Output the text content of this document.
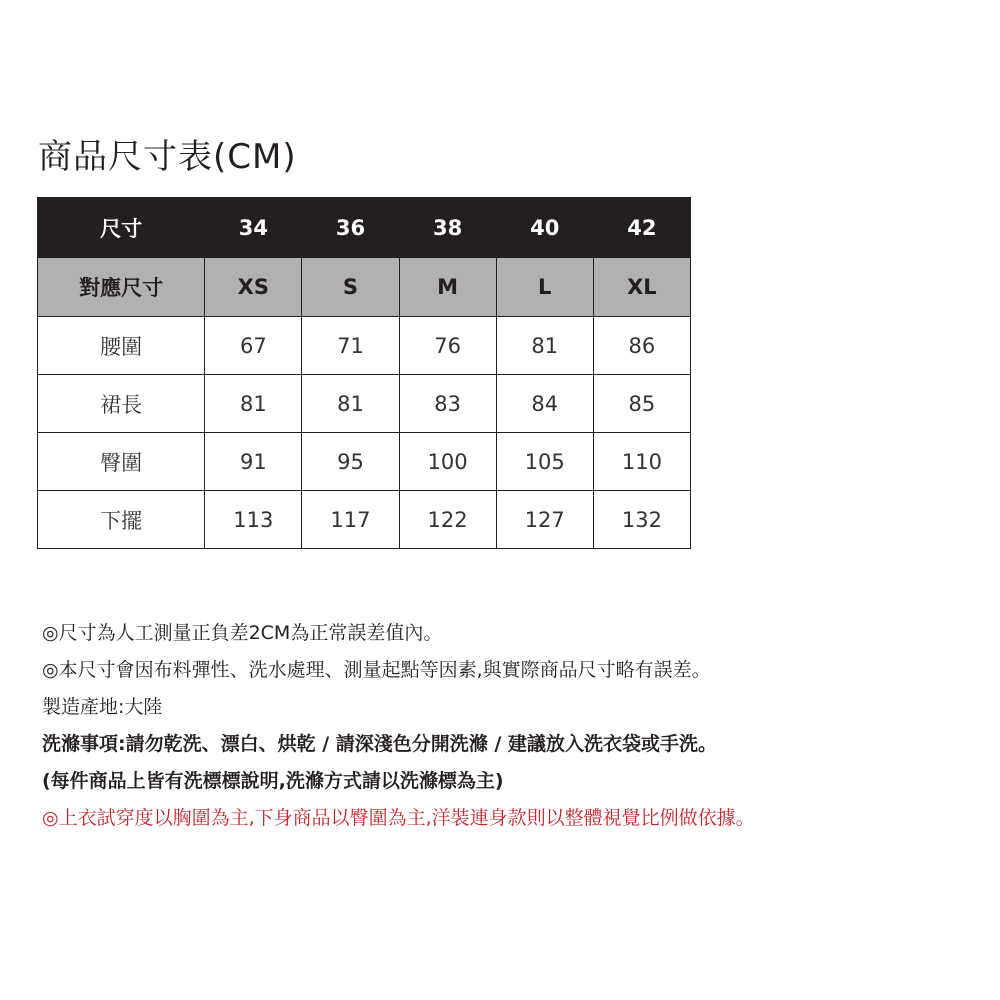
商品尺寸表(CM)
尺寸	34	36	38	40	42
對應尺寸	XS	S	M	L	XL
腰圍	67	71	76	81	86
裙長	81	81	83	84	85
臀圍	91	95	100	105	110
下擺	113	117	122	127	132
◎尺寸為人工測量正負差2CM為正常誤差值內。
◎本尺寸會因布料彈性、洗水處理、測量起點等因素,與實際商品尺寸略有誤差。
製造產地:大陸
洗滌事項:請勿乾洗、漂白、烘乾 / 請深淺色分開洗滌 / 建議放入洗衣袋或手洗。
(每件商品上皆有洗標標說明,洗滌方式請以洗滌標為主)
◎上衣試穿度以胸圍為主,下身商品以臀圍為主,洋裝連身款則以整體視覺比例做依據。
